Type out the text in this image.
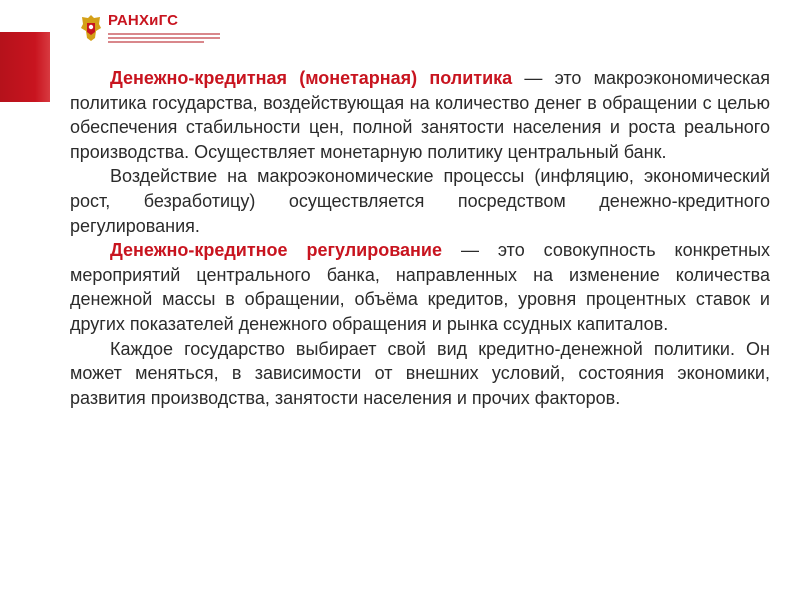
РАНХиГС

Денежно-кредитная (монетарная) политика — это макроэкономическая политика государства, воздействующая на количество денег в обращении с целью обеспечения стабильности цен, полной занятости населения и роста реального производства. Осуществляет монетарную политику центральный банк.

Воздействие на макроэкономические процессы (инфляцию, экономический рост, безработицу) осуществляется посредством денежно-кредитного регулирования.

Денежно-кредитное регулирование — это совокупность конкретных мероприятий центрального банка, направленных на изменение количества денежной массы в обращении, объёма кредитов, уровня процентных ставок и других показателей денежного обращения и рынка ссудных капиталов.

Каждое государство выбирает свой вид кредитно-денежной политики. Он может меняться, в зависимости от внешних условий, состояния экономики, развития производства, занятости населения и прочих факторов.
